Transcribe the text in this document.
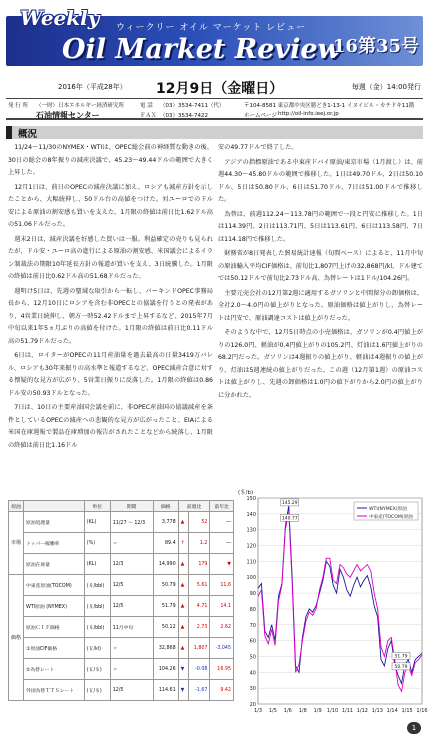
Weekly ウィークリー オイル マーケット レビュー
Oil Market Review
16第35号
2016年（平成28年） 12月9日（金曜日）	毎週（金）14:00発行
発 行 所 （一財）日本エネルギー経済研究所
石油情報センター
電 話 （03）3534-7411（代）
ＦＡＸ （03）3534-7422
〒104-8581 東京都中央区勝どき1-13-1 イヌイビル・カチドキ11階
ホームページ http://oil-info.ieej.or.jp
概況

11/24〜11/30のNYMEX・WTIは、OPEC総会前の神経質な動きの後、30日の総会の8年振りの減産決議で、45.23〜49.44ドルの範囲で大きく上昇した。

12月1日は、前日のOPECの減産決議に加え、ロシアも減産方針を示したことから、大幅続伸し、50ドル台の高値をつけた。対ユーロでのドル安による原油の割安感も買いを支えた。1月限の終値は前日比1.62ドル高の51.06ドルだった。

週末2日は、減産決議を好感した買いは一服。利益確定の売りも見られたが、ドル安・ユーロ高の進行による原油の割安感、米国議会によるイラン制裁法の期限10年延長方針の報道が買いを支え、3日続騰した。1月限の終値は前日比0.62ドル高の51.68ドルだった。

週明け5日は、先週の聖域な取引から一転し、バーキンドOPEC事務局長から、12月10日にロシアを含む非OPECとの協議を行うとの発表があり、4営業日続伸し、朝方一時52.42ドルまで上昇するなど、2015年7月中旬以来1年5ヵ月ぶりの高値を付けた。1月限の終値は前日比0.11ドル高の51.79ドルだった。

6日は、ロイターがOPECの11月産油量を過去最高の日量3419万バレル、ロシアも30年来振りの高水準と報道するなど、OPEC減産合意に対する懐疑的な見方が広がり、5営業日振りに反落した。1月限の終値は0.86ドル安の50.93ドルとなった。

7日は、10日の主要産油国会議を前に、非OPEC産油国の協議減産を条件としているOPECの減産への悲観的な見方が広がったこと、EIAによる米国在庫週報で製品在庫増加の報告がされたことなどから続落し、1月限の終値は前日比1.16ドル

安の49.77ドルで終了した。

アジアの指標原油である中東産ドバイ原油/東京市場（1月渡し）は、前週44.30〜45.80ドルの範囲で推移した。1日は49.70ドル、2日は50.10ドル、5日は50.80ドル、6日は51.70ドル、7日は51.00ドルで推移した。

為替は、前週112.24〜113.78円の範囲で一段と円安に推移した。1日は114.39円、2日は113.71円、5日は113.61円、6日は113.58円、7日は114.18円で推移した。

財務省が8日発表した貿易統計速報（旬間ベース）によると、11月中旬の原油輸入平均CIF価格は、前旬比1,807円上げの32,868円/kl、ドル建てでは50.12ドルで前旬比2.73ドル高、為替レートは1ドル/104.26円。

主要元売会社の12月第2週に適用するガソリンと中間留分の卸価格は、全社2.0〜4.0円の値上がりとなった。原油価格は値上がりし、為替レートは円安で、原油調達コストは値上がりだった。

そのような中で、12月5日時点の小売価格は、ガソリンが0.4円値上がりの126.0円、軽油が0.4円値上がりの105.2円、灯油は1.6円値上がりの68.2円だった。ガソリンは4週振りの値上がり、軽油は4週振りの値上がり、灯油は5週連続の値上がりだった。この週（12月第1週）の原油コストは値上がりし、先週の卸価格は1.0円の値下がりから2.0円の値上がりに分かれた。

原油		単位	期間	価格	前週比		前年比
市場	原油処理量	(KL)	11/27 ～ 12/3	3,778	▲	52	―
	トッパー稼働率	(%)	〃	89.4	↑	1.2	―
	原油在庫量	(KL)	12/3	14,990	▲	179	▼
価格	中東産原油(TOCOM)	(＄/bbl)	12/5	50.79	▲	5.61	11.6
	WTI原油 (NYMEX)	(＄/bbl)	12/5	51.79	▲	4.71	14.1
	原油ＣＩＦ価格	(＄/bbl)	11月中旬	50.12	▲	2.73	2.62
	①原油CIF価格	(￥/kl)	〃	32,868	▲	1,807	-3,045
	②為替レート	(￥/＄)	〃	104.26	▼	-0.08	16.95
	外国為替ＴＴＳレート	(￥/＄)	12/5	114.61	▼	-1.67	9.42
20
30
40
50
60
70
80
90
100
110
120
130
140
150
(＄/b)
1/3 1/5 1/6 1/8 1/9 1/10 1/11 1/12 1/13 1/14 1/15 1/16
WTI(NYMEX)原油
中東産(TOCOM)原油
145.29
140.77
51.79
50.79
1
